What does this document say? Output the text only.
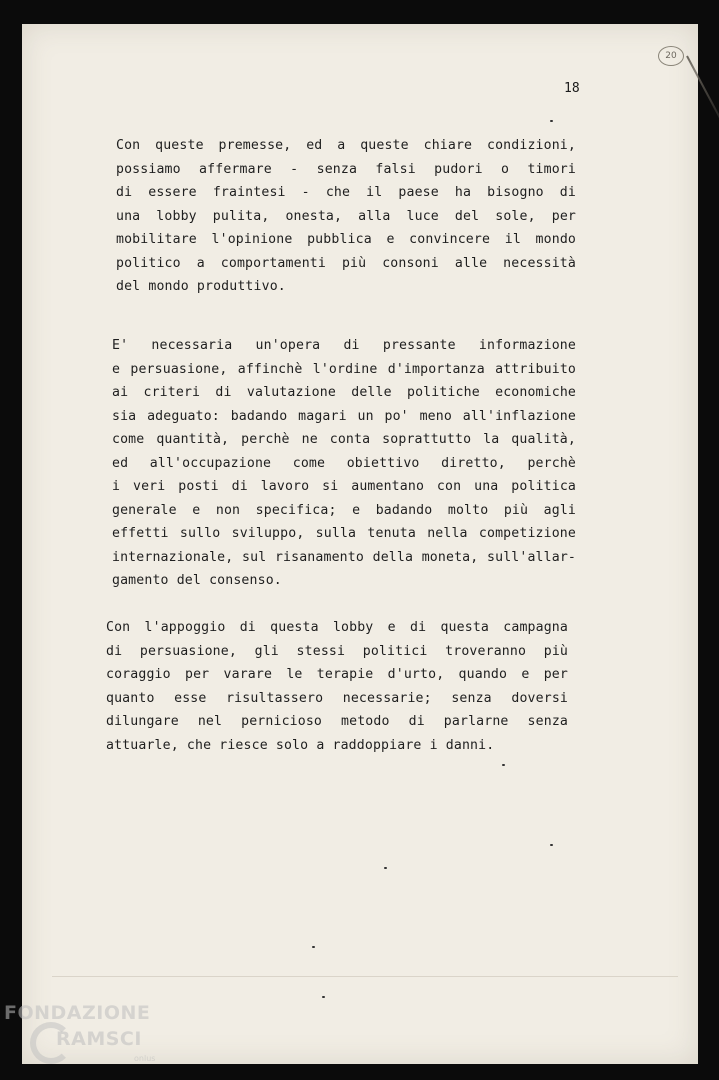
20
18
Con queste premesse, ed a queste chiare condizioni,
possiamo affermare - senza falsi pudori o timori
di essere fraintesi - che il paese ha bisogno di
una lobby pulita, onesta, alla luce del sole, per
mobilitare l'opinione pubblica e convincere il mondo
politico a comportamenti più consoni alle necessità
del mondo produttivo.
E' necessaria un'opera di pressante informazione
e persuasione, affinchè l'ordine d'importanza attribuito
ai criteri di valutazione delle politiche economiche
sia adeguato: badando magari un po' meno all'inflazione
come quantità, perchè ne conta soprattutto la qualità,
ed all'occupazione come obiettivo diretto, perchè
i veri posti di lavoro si aumentano con una politica
generale e non specifica; e badando molto più agli
effetti sullo sviluppo, sulla tenuta nella competizione
internazionale, sul risanamento della moneta, sull'allar-
gamento del consenso.
Con l'appoggio di questa lobby e di questa campagna
di persuasione, gli stessi politici troveranno più
coraggio per varare le terapie d'urto, quando e per
quanto esse risultassero necessarie; senza doversi
dilungare nel pernicioso metodo di parlarne senza
attuarle, che riesce solo a raddoppiare i danni.
FONDAZIONE
RAMSCI
onlus
